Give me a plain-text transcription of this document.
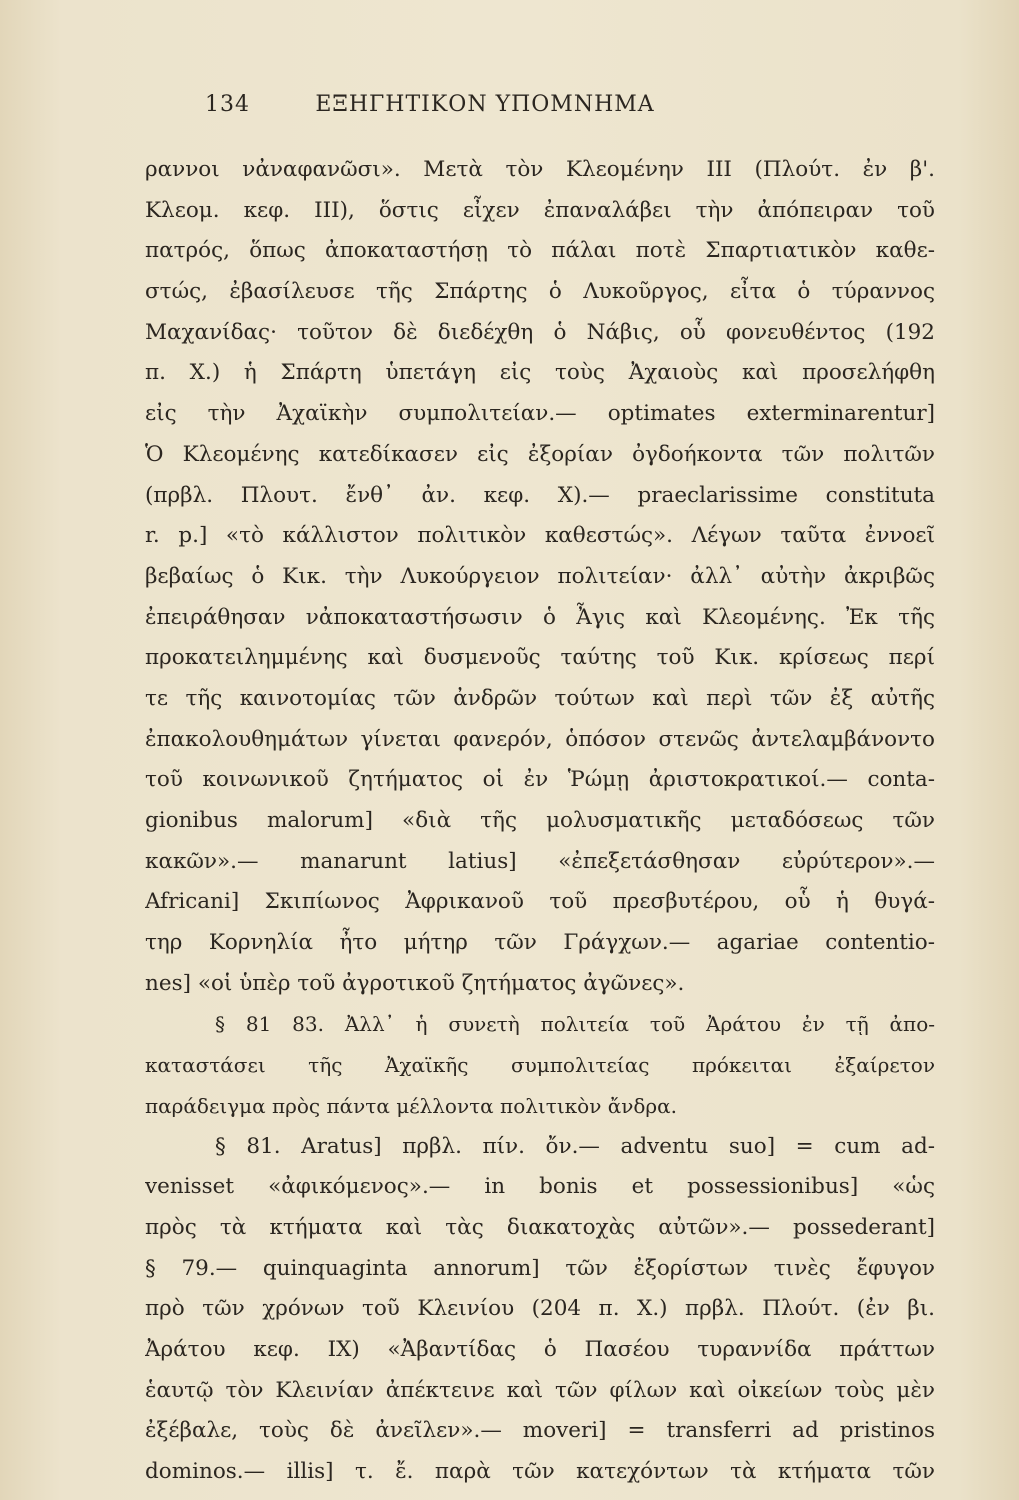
134	ΕΞΗΓΗΤΙΚΟΝ ΥΠΟΜΝΗΜΑ
ραννοι νἀναφανῶσι». Μετὰ τὸν Κλεομένην ΙΙΙ (Πλούτ. ἐν β'.
Κλεομ. κεφ. ΙΙΙ), ὅστις εἶχεν ἐπαναλάβει τὴν ἀπόπειραν τοῦ
πατρός, ὅπως ἀποκαταστήσῃ τὸ πάλαι ποτὲ Σπαρτιατικὸν καθε-
στώς, ἐβασίλευσε τῆς Σπάρτης ὁ Λυκοῦργος, εἶτα ὁ τύραννος
Μαχανίδας· τοῦτον δὲ διεδέχθη ὁ Νάβις, οὗ φονευθέντος (192
π. Χ.) ἡ Σπάρτη ὑπετάγη εἰς τοὺς Ἀχαιοὺς καὶ προσελήφθη
εἰς τὴν Ἀχαϊκὴν συμπολιτείαν.— optimates exterminarentur]
Ὁ Κλεομένης κατεδίκασεν εἰς ἐξορίαν ὀγδοήκοντα τῶν πολιτῶν
(πρβλ. Πλουτ. ἔνθ᾽ ἀν. κεφ. Χ).— praeclarissime constituta
r. p.] «τὸ κάλλιστον πολιτικὸν καθεστώς». Λέγων ταῦτα ἐννοεῖ
βεβαίως ὁ Κικ. τὴν Λυκούργειον πολιτείαν· ἀλλ᾽ αὐτὴν ἀκριβῶς
ἐπειράθησαν νἀποκαταστήσωσιν ὁ Ἆγις καὶ Κλεομένης. Ἐκ τῆς
προκατειλημμένης καὶ δυσμενοῦς ταύτης τοῦ Κικ. κρίσεως περί
τε τῆς καινοτομίας τῶν ἀνδρῶν τούτων καὶ περὶ τῶν ἐξ αὐτῆς
ἐπακολουθημάτων γίνεται φανερόν, ὁπόσον στενῶς ἀντελαμβάνοντο
τοῦ κοινωνικοῦ ζητήματος οἱ ἐν Ῥώμῃ ἀριστοκρατικοί.— conta-
gionibus malorum] «διὰ τῆς μολυσματικῆς μεταδόσεως τῶν
κακῶν».— manarunt latius] «ἐπεξετάσθησαν εὐρύτερον».—
Africani] Σκιπίωνος Ἀφρικανοῦ τοῦ πρεσβυτέρου, οὗ ἡ θυγά-
τηρ Κορνηλία ἦτο μήτηρ τῶν Γράγχων.— agariae contentio-
nes] «οἱ ὑπὲρ τοῦ ἀγροτικοῦ ζητήματος ἀγῶνες».
§ 81 83. Ἀλλ᾽ ἡ συνετὴ πολιτεία τοῦ Ἀράτου ἐν τῇ ἀπο-
καταστάσει τῆς Ἀχαϊκῆς συμπολιτείας πρόκειται ἐξαίρετον
παράδειγμα πρὸς πάντα μέλλοντα πολιτικὸν ἄνδρα.
§ 81. Aratus] πρβλ. πίν. ὄν.— adventu suo] = cum ad-
venisset «ἀφικόμενος».— in bonis et possessionibus] «ὡς
πρὸς τὰ κτήματα καὶ τὰς διακατοχὰς αὐτῶν».— possederant]
§ 79.— quinquaginta annorum] τῶν ἐξορίστων τινὲς ἔφυγον
πρὸ τῶν χρόνων τοῦ Κλεινίου (204 π. Χ.) πρβλ. Πλούτ. (ἐν βι.
Ἀράτου κεφ. ΙΧ) «Ἀβαντίδας ὁ Πασέου τυραννίδα πράττων
ἑαυτῷ τὸν Κλεινίαν ἀπέκτεινε καὶ τῶν φίλων καὶ οἰκείων τοὺς μὲν
ἐξέβαλε, τοὺς δὲ ἀνεῖλεν».— moveri] = transferri ad pristinos
dominos.— illis] τ. ἔ. παρὰ τῶν κατεχόντων τὰ κτήματα τῶν
